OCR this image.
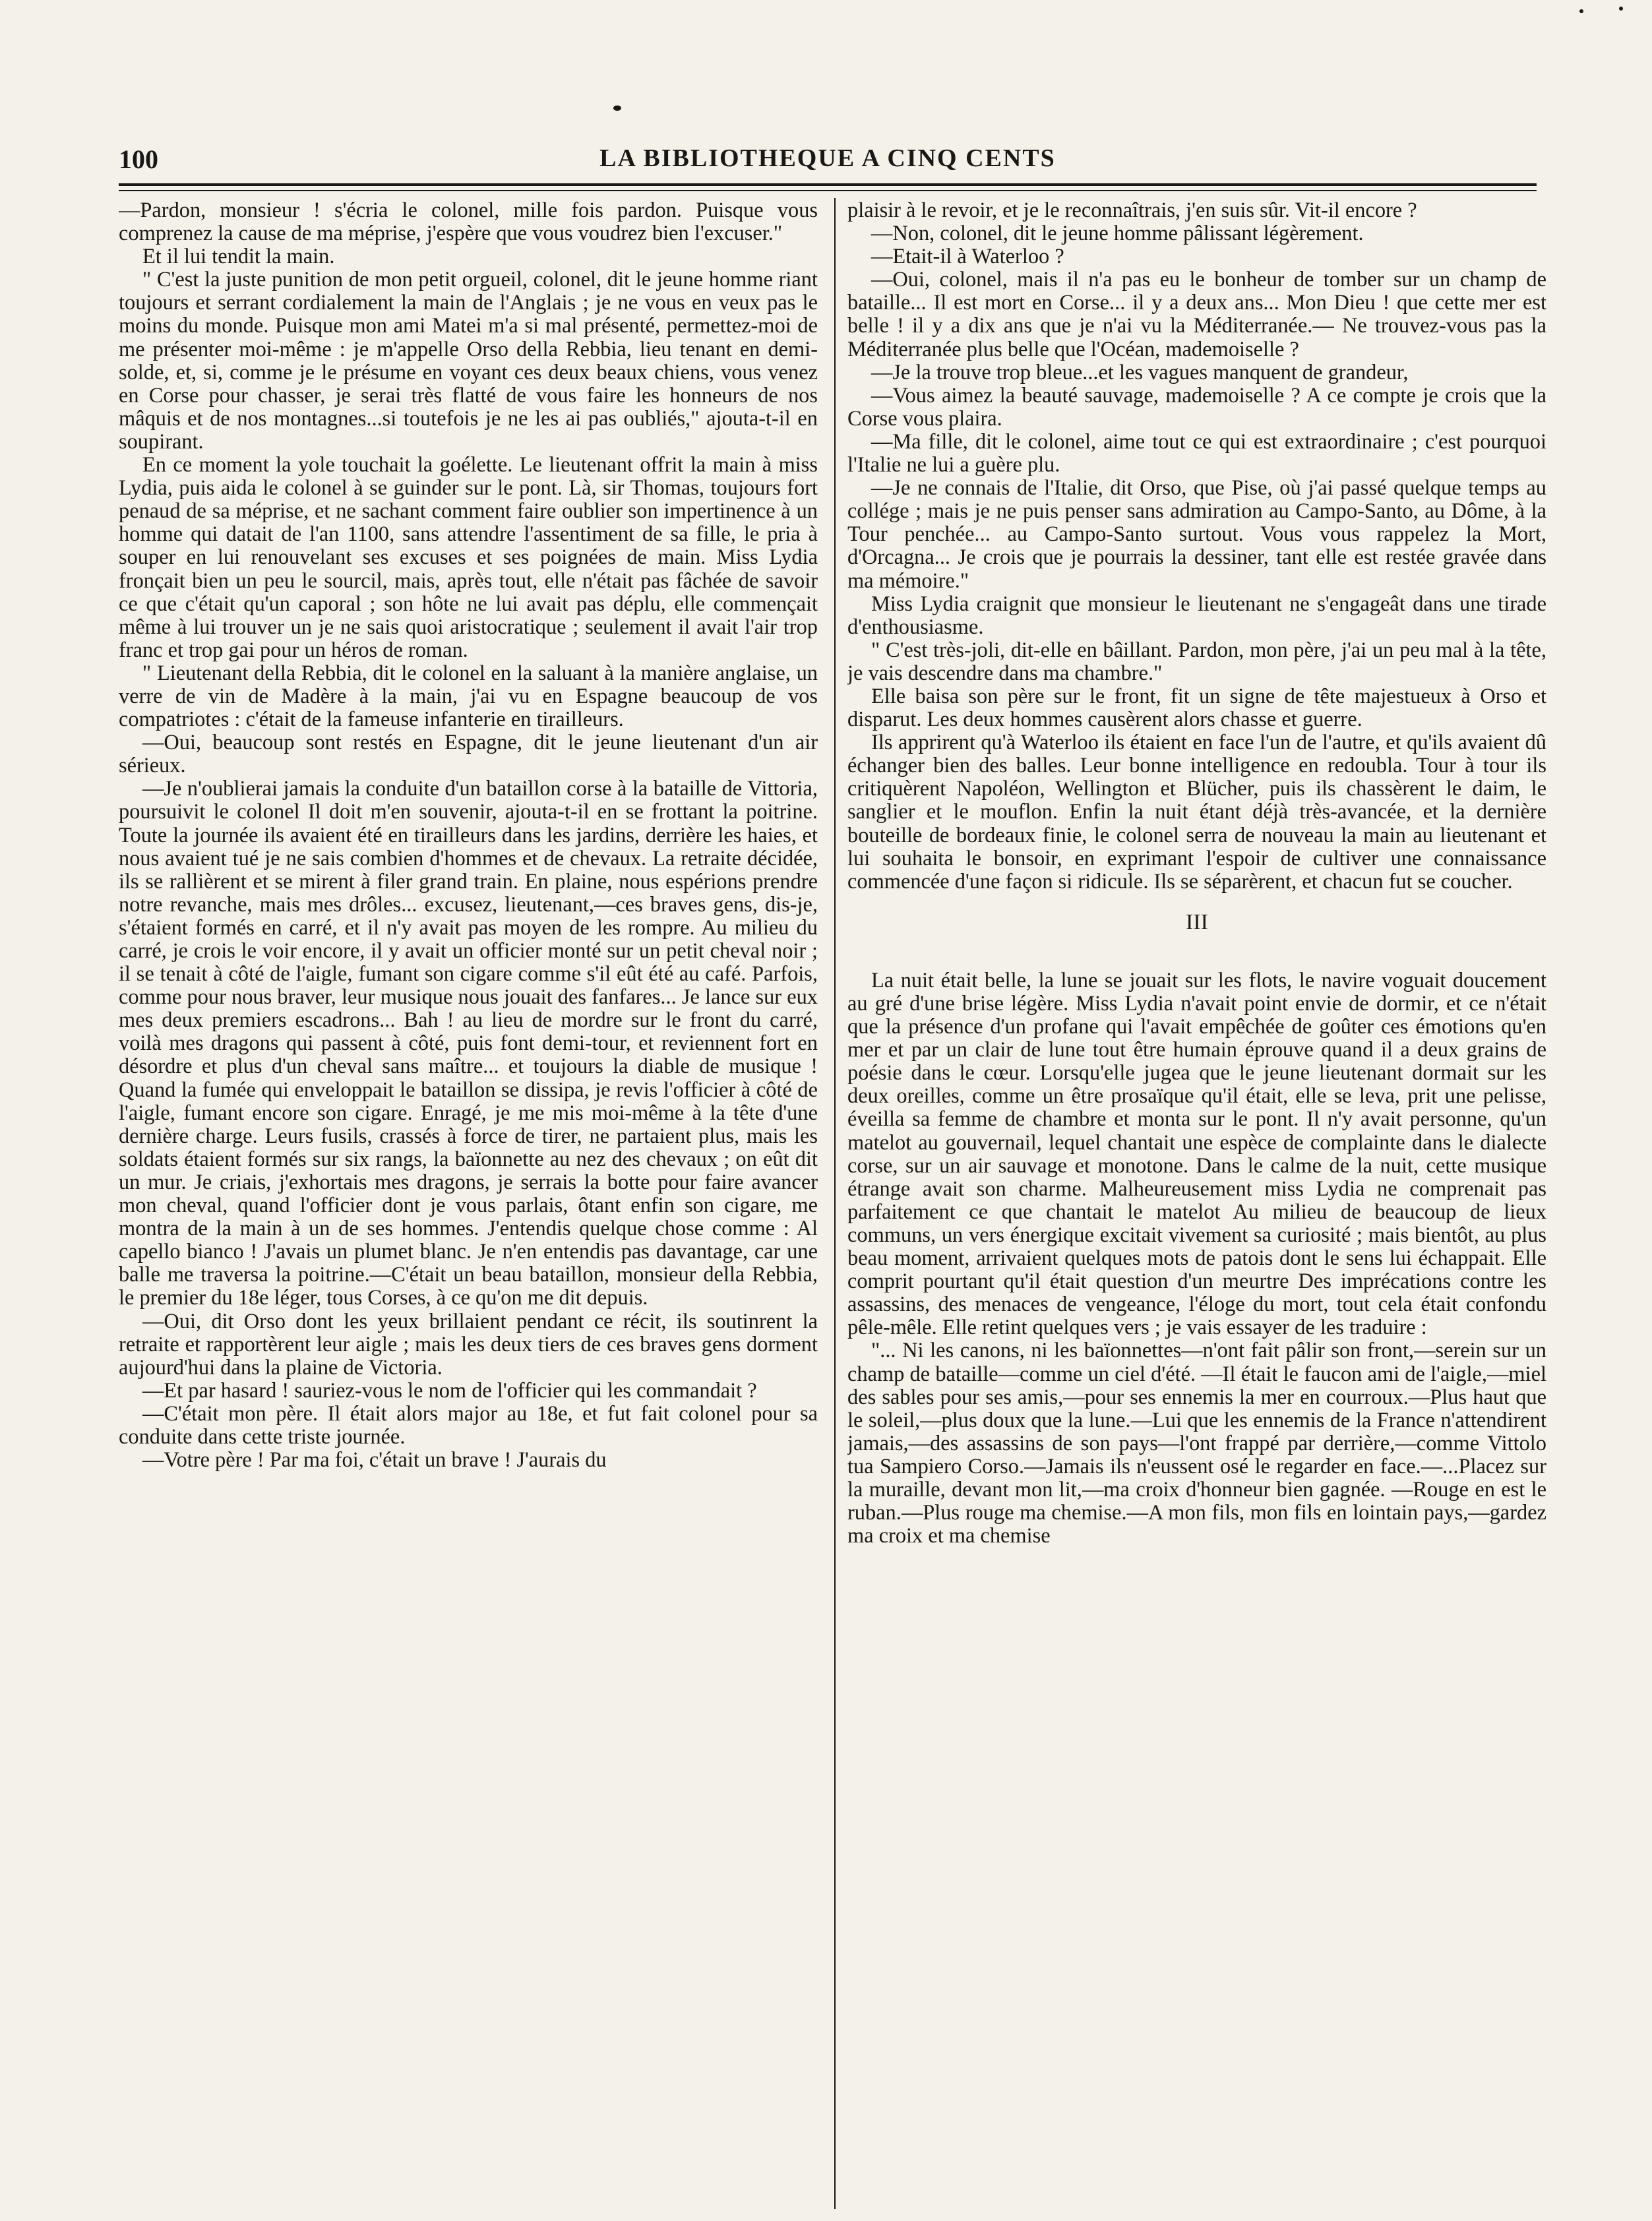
100	LA BIBLIOTHEQUE A CINQ CENTS

—Pardon, monsieur ! s'écria le colonel, mille fois pardon. Puisque vous comprenez la cause de ma méprise, j'espère que vous voudrez bien l'excuser."

Et il lui tendit la main.

" C'est la juste punition de mon petit orgueil, colonel, dit le jeune homme riant toujours et serrant cordialement la main de l'Anglais ; je ne vous en veux pas le moins du monde. Puisque mon ami Matei m'a si mal présenté, permettez-moi de me présenter moi-même : je m'appelle Orso della Rebbia, lieu tenant en demi-solde, et, si, comme je le présume en voyant ces deux beaux chiens, vous venez en Corse pour chasser, je serai très flatté de vous faire les honneurs de nos mâquis et de nos montagnes...si toutefois je ne les ai pas oubliés," ajouta-t-il en soupirant.

En ce moment la yole touchait la goélette. Le lieutenant offrit la main à miss Lydia, puis aida le colonel à se guinder sur le pont. Là, sir Thomas, toujours fort penaud de sa méprise, et ne sachant comment faire oublier son impertinence à un homme qui datait de l'an 1100, sans attendre l'assentiment de sa fille, le pria à souper en lui renouvelant ses excuses et ses poignées de main. Miss Lydia fronçait bien un peu le sourcil, mais, après tout, elle n'était pas fâchée de savoir ce que c'était qu'un caporal ; son hôte ne lui avait pas déplu, elle commençait même à lui trouver un je ne sais quoi aristocratique ; seulement il avait l'air trop franc et trop gai pour un héros de roman.

" Lieutenant della Rebbia, dit le colonel en la saluant à la manière anglaise, un verre de vin de Madère à la main, j'ai vu en Espagne beaucoup de vos compatriotes : c'était de la fameuse infanterie en tirailleurs.

—Oui, beaucoup sont restés en Espagne, dit le jeune lieutenant d'un air sérieux.

—Je n'oublierai jamais la conduite d'un bataillon corse à la bataille de Vittoria, poursuivit le colonel Il doit m'en souvenir, ajouta-t-il en se frottant la poitrine. Toute la journée ils avaient été en tirailleurs dans les jardins, derrière les haies, et nous avaient tué je ne sais combien d'hommes et de chevaux. La retraite décidée, ils se rallièrent et se mirent à filer grand train. En plaine, nous espérions prendre notre revanche, mais mes drôles... excusez, lieutenant,—ces braves gens, dis-je, s'étaient formés en carré, et il n'y avait pas moyen de les rompre. Au milieu du carré, je crois le voir encore, il y avait un officier monté sur un petit cheval noir ; il se tenait à côté de l'aigle, fumant son cigare comme s'il eût été au café. Parfois, comme pour nous braver, leur musique nous jouait des fanfares... Je lance sur eux mes deux premiers escadrons... Bah ! au lieu de mordre sur le front du carré, voilà mes dragons qui passent à côté, puis font demi-tour, et reviennent fort en désordre et plus d'un cheval sans maître... et toujours la diable de musique ! Quand la fumée qui enveloppait le bataillon se dissipa, je revis l'officier à côté de l'aigle, fumant encore son cigare. Enragé, je me mis moi-même à la tête d'une dernière charge. Leurs fusils, crassés à force de tirer, ne partaient plus, mais les soldats étaient formés sur six rangs, la baïonnette au nez des chevaux ; on eût dit un mur. Je criais, j'exhortais mes dragons, je serrais la botte pour faire avancer mon cheval, quand l'officier dont je vous parlais, ôtant enfin son cigare, me montra de la main à un de ses hommes. J'entendis quelque chose comme : Al capello bianco ! J'avais un plumet blanc. Je n'en entendis pas davantage, car une balle me traversa la poitrine.—C'était un beau bataillon, monsieur della Rebbia, le premier du 18e léger, tous Corses, à ce qu'on me dit depuis.

—Oui, dit Orso dont les yeux brillaient pendant ce récit, ils soutinrent la retraite et rapportèrent leur aigle ; mais les deux tiers de ces braves gens dorment aujourd'hui dans la plaine de Victoria.

—Et par hasard ! sauriez-vous le nom de l'officier qui les commandait ?

—C'était mon père. Il était alors major au 18e, et fut fait colonel pour sa conduite dans cette triste journée.

—Votre père ! Par ma foi, c'était un brave ! J'aurais du

plaisir à le revoir, et je le reconnaîtrais, j'en suis sûr. Vit-il encore ?

—Non, colonel, dit le jeune homme pâlissant légèrement.

—Etait-il à Waterloo ?

—Oui, colonel, mais il n'a pas eu le bonheur de tomber sur un champ de bataille... Il est mort en Corse... il y a deux ans... Mon Dieu ! que cette mer est belle ! il y a dix ans que je n'ai vu la Méditerranée.— Ne trouvez-vous pas la Méditerranée plus belle que l'Océan, mademoiselle ?

—Je la trouve trop bleue...et les vagues manquent de grandeur,

—Vous aimez la beauté sauvage, mademoiselle ? A ce compte je crois que la Corse vous plaira.

—Ma fille, dit le colonel, aime tout ce qui est extraordinaire ; c'est pourquoi l'Italie ne lui a guère plu.

—Je ne connais de l'Italie, dit Orso, que Pise, où j'ai passé quelque temps au collége ; mais je ne puis penser sans admiration au Campo-Santo, au Dôme, à la Tour penchée... au Campo-Santo surtout. Vous vous rappelez la Mort, d'Orcagna... Je crois que je pourrais la dessiner, tant elle est restée gravée dans ma mémoire."

Miss Lydia craignit que monsieur le lieutenant ne s'engageât dans une tirade d'enthousiasme.

" C'est très-joli, dit-elle en bâillant. Pardon, mon père, j'ai un peu mal à la tête, je vais descendre dans ma chambre."

Elle baisa son père sur le front, fit un signe de tête majestueux à Orso et disparut. Les deux hommes causèrent alors chasse et guerre.

Ils apprirent qu'à Waterloo ils étaient en face l'un de l'autre, et qu'ils avaient dû échanger bien des balles. Leur bonne intelligence en redoubla. Tour à tour ils critiquèrent Napoléon, Wellington et Blücher, puis ils chassèrent le daim, le sanglier et le mouflon. Enfin la nuit étant déjà très-avancée, et la dernière bouteille de bordeaux finie, le colonel serra de nouveau la main au lieutenant et lui souhaita le bonsoir, en exprimant l'espoir de cultiver une connaissance commencée d'une façon si ridicule. Ils se séparèrent, et chacun fut se coucher.

III

La nuit était belle, la lune se jouait sur les flots, le navire voguait doucement au gré d'une brise légère. Miss Lydia n'avait point envie de dormir, et ce n'était que la présence d'un profane qui l'avait empêchée de goûter ces émotions qu'en mer et par un clair de lune tout être humain éprouve quand il a deux grains de poésie dans le cœur. Lorsqu'elle jugea que le jeune lieutenant dormait sur les deux oreilles, comme un être prosaïque qu'il était, elle se leva, prit une pelisse, éveilla sa femme de chambre et monta sur le pont. Il n'y avait personne, qu'un matelot au gouvernail, lequel chantait une espèce de complainte dans le dialecte corse, sur un air sauvage et monotone. Dans le calme de la nuit, cette musique étrange avait son charme. Malheureusement miss Lydia ne comprenait pas parfaitement ce que chantait le matelot Au milieu de beaucoup de lieux communs, un vers énergique excitait vivement sa curiosité ; mais bientôt, au plus beau moment, arrivaient quelques mots de patois dont le sens lui échappait. Elle comprit pourtant qu'il était question d'un meurtre Des imprécations contre les assassins, des menaces de vengeance, l'éloge du mort, tout cela était confondu pêle-mêle. Elle retint quelques vers ; je vais essayer de les traduire :

"... Ni les canons, ni les baïonnettes—n'ont fait pâlir son front,—serein sur un champ de bataille—comme un ciel d'été. —Il était le faucon ami de l'aigle,—miel des sables pour ses amis,—pour ses ennemis la mer en courroux.—Plus haut que le soleil,—plus doux que la lune.—Lui que les ennemis de la France n'attendirent jamais,—des assassins de son pays—l'ont frappé par derrière,—comme Vittolo tua Sampiero Corso.—Jamais ils n'eussent osé le regarder en face.—...Placez sur la muraille, devant mon lit,—ma croix d'honneur bien gagnée. —Rouge en est le ruban.—Plus rouge ma chemise.—A mon fils, mon fils en lointain pays,—gardez ma croix et ma chemise
